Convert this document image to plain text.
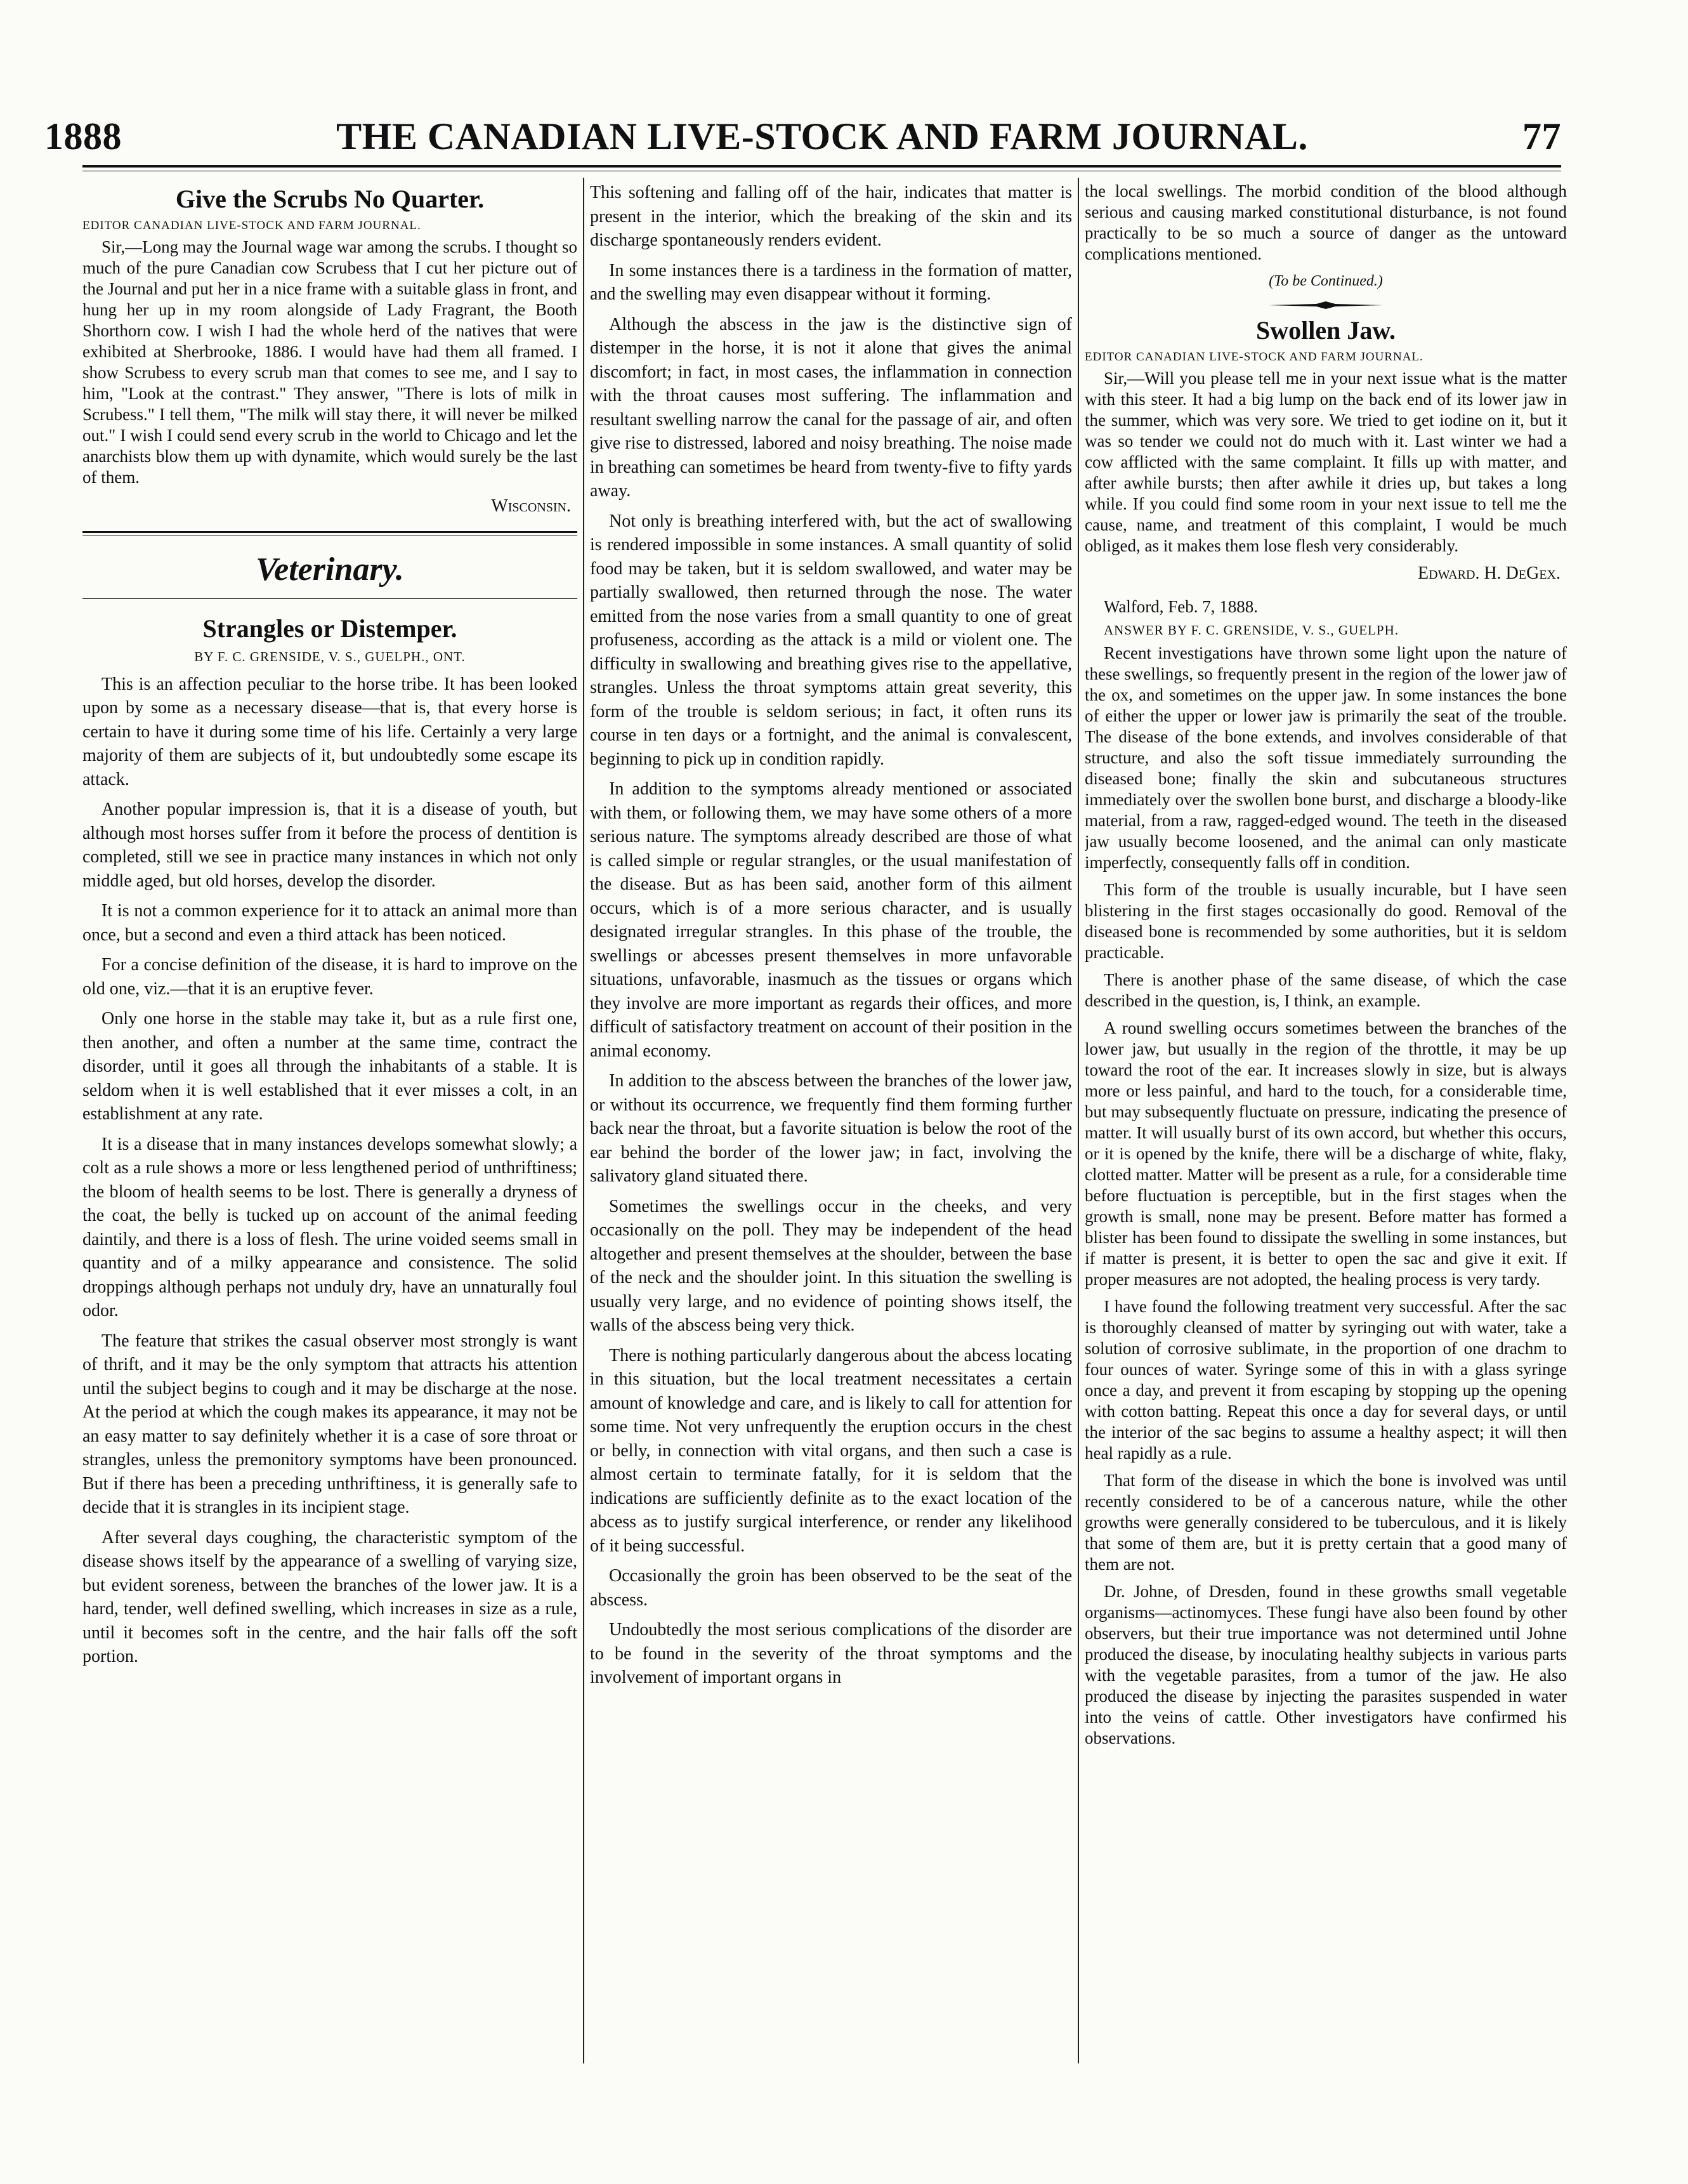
1888	THE CANADIAN LIVE-STOCK AND FARM JOURNAL.	77
Give the Scrubs No Quarter.

EDITOR CANADIAN LIVE-STOCK AND FARM JOURNAL.

Sir,—Long may the Journal wage war among the scrubs. I thought so much of the pure Canadian cow Scrubess that I cut her picture out of the Journal and put her in a nice frame with a suitable glass in front, and hung her up in my room alongside of Lady Fragrant, the Booth Shorthorn cow. I wish I had the whole herd of the natives that were exhibited at Sherbrooke, 1886. I would have had them all framed. I show Scrubess to every scrub man that comes to see me, and I say to him, "Look at the contrast." They answer, "There is lots of milk in Scrubess." I tell them, "The milk will stay there, it will never be milked out." I wish I could send every scrub in the world to Chicago and let the anarchists blow them up with dynamite, which would surely be the last of them.

Wisconsin.

Veterinary.
Strangles or Distemper.

BY F. C. GRENSIDE, V. S., GUELPH., ONT.

This is an affection peculiar to the horse tribe. It has been looked upon by some as a necessary disease—that is, that every horse is certain to have it during some time of his life. Certainly a very large majority of them are subjects of it, but undoubtedly some escape its attack.

Another popular impression is, that it is a disease of youth, but although most horses suffer from it before the process of dentition is completed, still we see in practice many instances in which not only middle aged, but old horses, develop the disorder.

It is not a common experience for it to attack an animal more than once, but a second and even a third attack has been noticed.

For a concise definition of the disease, it is hard to improve on the old one, viz.—that it is an eruptive fever.

Only one horse in the stable may take it, but as a rule first one, then another, and often a number at the same time, contract the disorder, until it goes all through the inhabitants of a stable. It is seldom when it is well established that it ever misses a colt, in an establishment at any rate.

It is a disease that in many instances develops somewhat slowly; a colt as a rule shows a more or less lengthened period of unthriftiness; the bloom of health seems to be lost. There is generally a dryness of the coat, the belly is tucked up on account of the animal feeding daintily, and there is a loss of flesh. The urine voided seems small in quantity and of a milky appearance and consistence. The solid droppings although perhaps not unduly dry, have an unnaturally foul odor.

The feature that strikes the casual observer most strongly is want of thrift, and it may be the only symptom that attracts his attention until the subject begins to cough and it may be discharge at the nose. At the period at which the cough makes its appearance, it may not be an easy matter to say definitely whether it is a case of sore throat or strangles, unless the premonitory symptoms have been pronounced. But if there has been a preceding unthriftiness, it is generally safe to decide that it is strangles in its incipient stage.

After several days coughing, the characteristic symptom of the disease shows itself by the appearance of a swelling of varying size, but evident soreness, between the branches of the lower jaw. It is a hard, tender, well defined swelling, which increases in size as a rule, until it becomes soft in the centre, and the hair falls off the soft portion.

This softening and falling off of the hair, indicates that matter is present in the interior, which the breaking of the skin and its discharge spontaneously renders evident.

In some instances there is a tardiness in the formation of matter, and the swelling may even disappear without it forming.

Although the abscess in the jaw is the distinctive sign of distemper in the horse, it is not it alone that gives the animal discomfort; in fact, in most cases, the inflammation in connection with the throat causes most suffering. The inflammation and resultant swelling narrow the canal for the passage of air, and often give rise to distressed, labored and noisy breathing. The noise made in breathing can sometimes be heard from twenty-five to fifty yards away.

Not only is breathing interfered with, but the act of swallowing is rendered impossible in some instances. A small quantity of solid food may be taken, but it is seldom swallowed, and water may be partially swallowed, then returned through the nose. The water emitted from the nose varies from a small quantity to one of great profuseness, according as the attack is a mild or violent one. The difficulty in swallowing and breathing gives rise to the appellative, strangles. Unless the throat symptoms attain great severity, this form of the trouble is seldom serious; in fact, it often runs its course in ten days or a fortnight, and the animal is convalescent, beginning to pick up in condition rapidly.

In addition to the symptoms already mentioned or associated with them, or following them, we may have some others of a more serious nature. The symptoms already described are those of what is called simple or regular strangles, or the usual manifestation of the disease. But as has been said, another form of this ailment occurs, which is of a more serious character, and is usually designated irregular strangles. In this phase of the trouble, the swellings or abcesses present themselves in more unfavorable situations, unfavorable, inasmuch as the tissues or organs which they involve are more important as regards their offices, and more difficult of satisfactory treatment on account of their position in the animal economy.

In addition to the abscess between the branches of the lower jaw, or without its occurrence, we frequently find them forming further back near the throat, but a favorite situation is below the root of the ear behind the border of the lower jaw; in fact, involving the salivatory gland situated there.

Sometimes the swellings occur in the cheeks, and very occasionally on the poll. They may be independent of the head altogether and present themselves at the shoulder, between the base of the neck and the shoulder joint. In this situation the swelling is usually very large, and no evidence of pointing shows itself, the walls of the abscess being very thick.

There is nothing particularly dangerous about the abcess locating in this situation, but the local treatment necessitates a certain amount of knowledge and care, and is likely to call for attention for some time. Not very unfrequently the eruption occurs in the chest or belly, in connection with vital organs, and then such a case is almost certain to terminate fatally, for it is seldom that the indications are sufficiently definite as to the exact location of the abcess as to justify surgical interference, or render any likelihood of it being successful.

Occasionally the groin has been observed to be the seat of the abscess.

Undoubtedly the most serious complications of the disorder are to be found in the severity of the throat symptoms and the involvement of important organs in

the local swellings. The morbid condition of the blood although serious and causing marked constitutional disturbance, is not found practically to be so much a source of danger as the untoward complications mentioned.

(To be Continued.)

Swollen Jaw.

EDITOR CANADIAN LIVE-STOCK AND FARM JOURNAL.

Sir,—Will you please tell me in your next issue what is the matter with this steer. It had a big lump on the back end of its lower jaw in the summer, which was very sore. We tried to get iodine on it, but it was so tender we could not do much with it. Last winter we had a cow afflicted with the same complaint. It fills up with matter, and after awhile bursts; then after awhile it dries up, but takes a long while. If you could find some room in your next issue to tell me the cause, name, and treatment of this complaint, I would be much obliged, as it makes them lose flesh very considerably.

Edward. H. DeGex.

Walford, Feb. 7, 1888.

ANSWER BY F. C. GRENSIDE, V. S., GUELPH.

Recent investigations have thrown some light upon the nature of these swellings, so frequently present in the region of the lower jaw of the ox, and sometimes on the upper jaw. In some instances the bone of either the upper or lower jaw is primarily the seat of the trouble. The disease of the bone extends, and involves considerable of that structure, and also the soft tissue immediately surrounding the diseased bone; finally the skin and subcutaneous structures immediately over the swollen bone burst, and discharge a bloody-like material, from a raw, ragged-edged wound. The teeth in the diseased jaw usually become loosened, and the animal can only masticate imperfectly, consequently falls off in condition.

This form of the trouble is usually incurable, but I have seen blistering in the first stages occasionally do good. Removal of the diseased bone is recommended by some authorities, but it is seldom practicable.

There is another phase of the same disease, of which the case described in the question, is, I think, an example.

A round swelling occurs sometimes between the branches of the lower jaw, but usually in the region of the throttle, it may be up toward the root of the ear. It increases slowly in size, but is always more or less painful, and hard to the touch, for a considerable time, but may subsequently fluctuate on pressure, indicating the presence of matter. It will usually burst of its own accord, but whether this occurs, or it is opened by the knife, there will be a discharge of white, flaky, clotted matter. Matter will be present as a rule, for a considerable time before fluctuation is perceptible, but in the first stages when the growth is small, none may be present. Before matter has formed a blister has been found to dissipate the swelling in some instances, but if matter is present, it is better to open the sac and give it exit. If proper measures are not adopted, the healing process is very tardy.

I have found the following treatment very successful. After the sac is thoroughly cleansed of matter by syringing out with water, take a solution of corrosive sublimate, in the proportion of one drachm to four ounces of water. Syringe some of this in with a glass syringe once a day, and prevent it from escaping by stopping up the opening with cotton batting. Repeat this once a day for several days, or until the interior of the sac begins to assume a healthy aspect; it will then heal rapidly as a rule.

That form of the disease in which the bone is involved was until recently considered to be of a cancerous nature, while the other growths were generally considered to be tuberculous, and it is likely that some of them are, but it is pretty certain that a good many of them are not.

Dr. Johne, of Dresden, found in these growths small vegetable organisms—actinomyces. These fungi have also been found by other observers, but their true importance was not determined until Johne produced the disease, by inoculating healthy subjects in various parts with the vegetable parasites, from a tumor of the jaw. He also produced the disease by injecting the parasites suspended in water into the veins of cattle. Other investigators have confirmed his observations.
